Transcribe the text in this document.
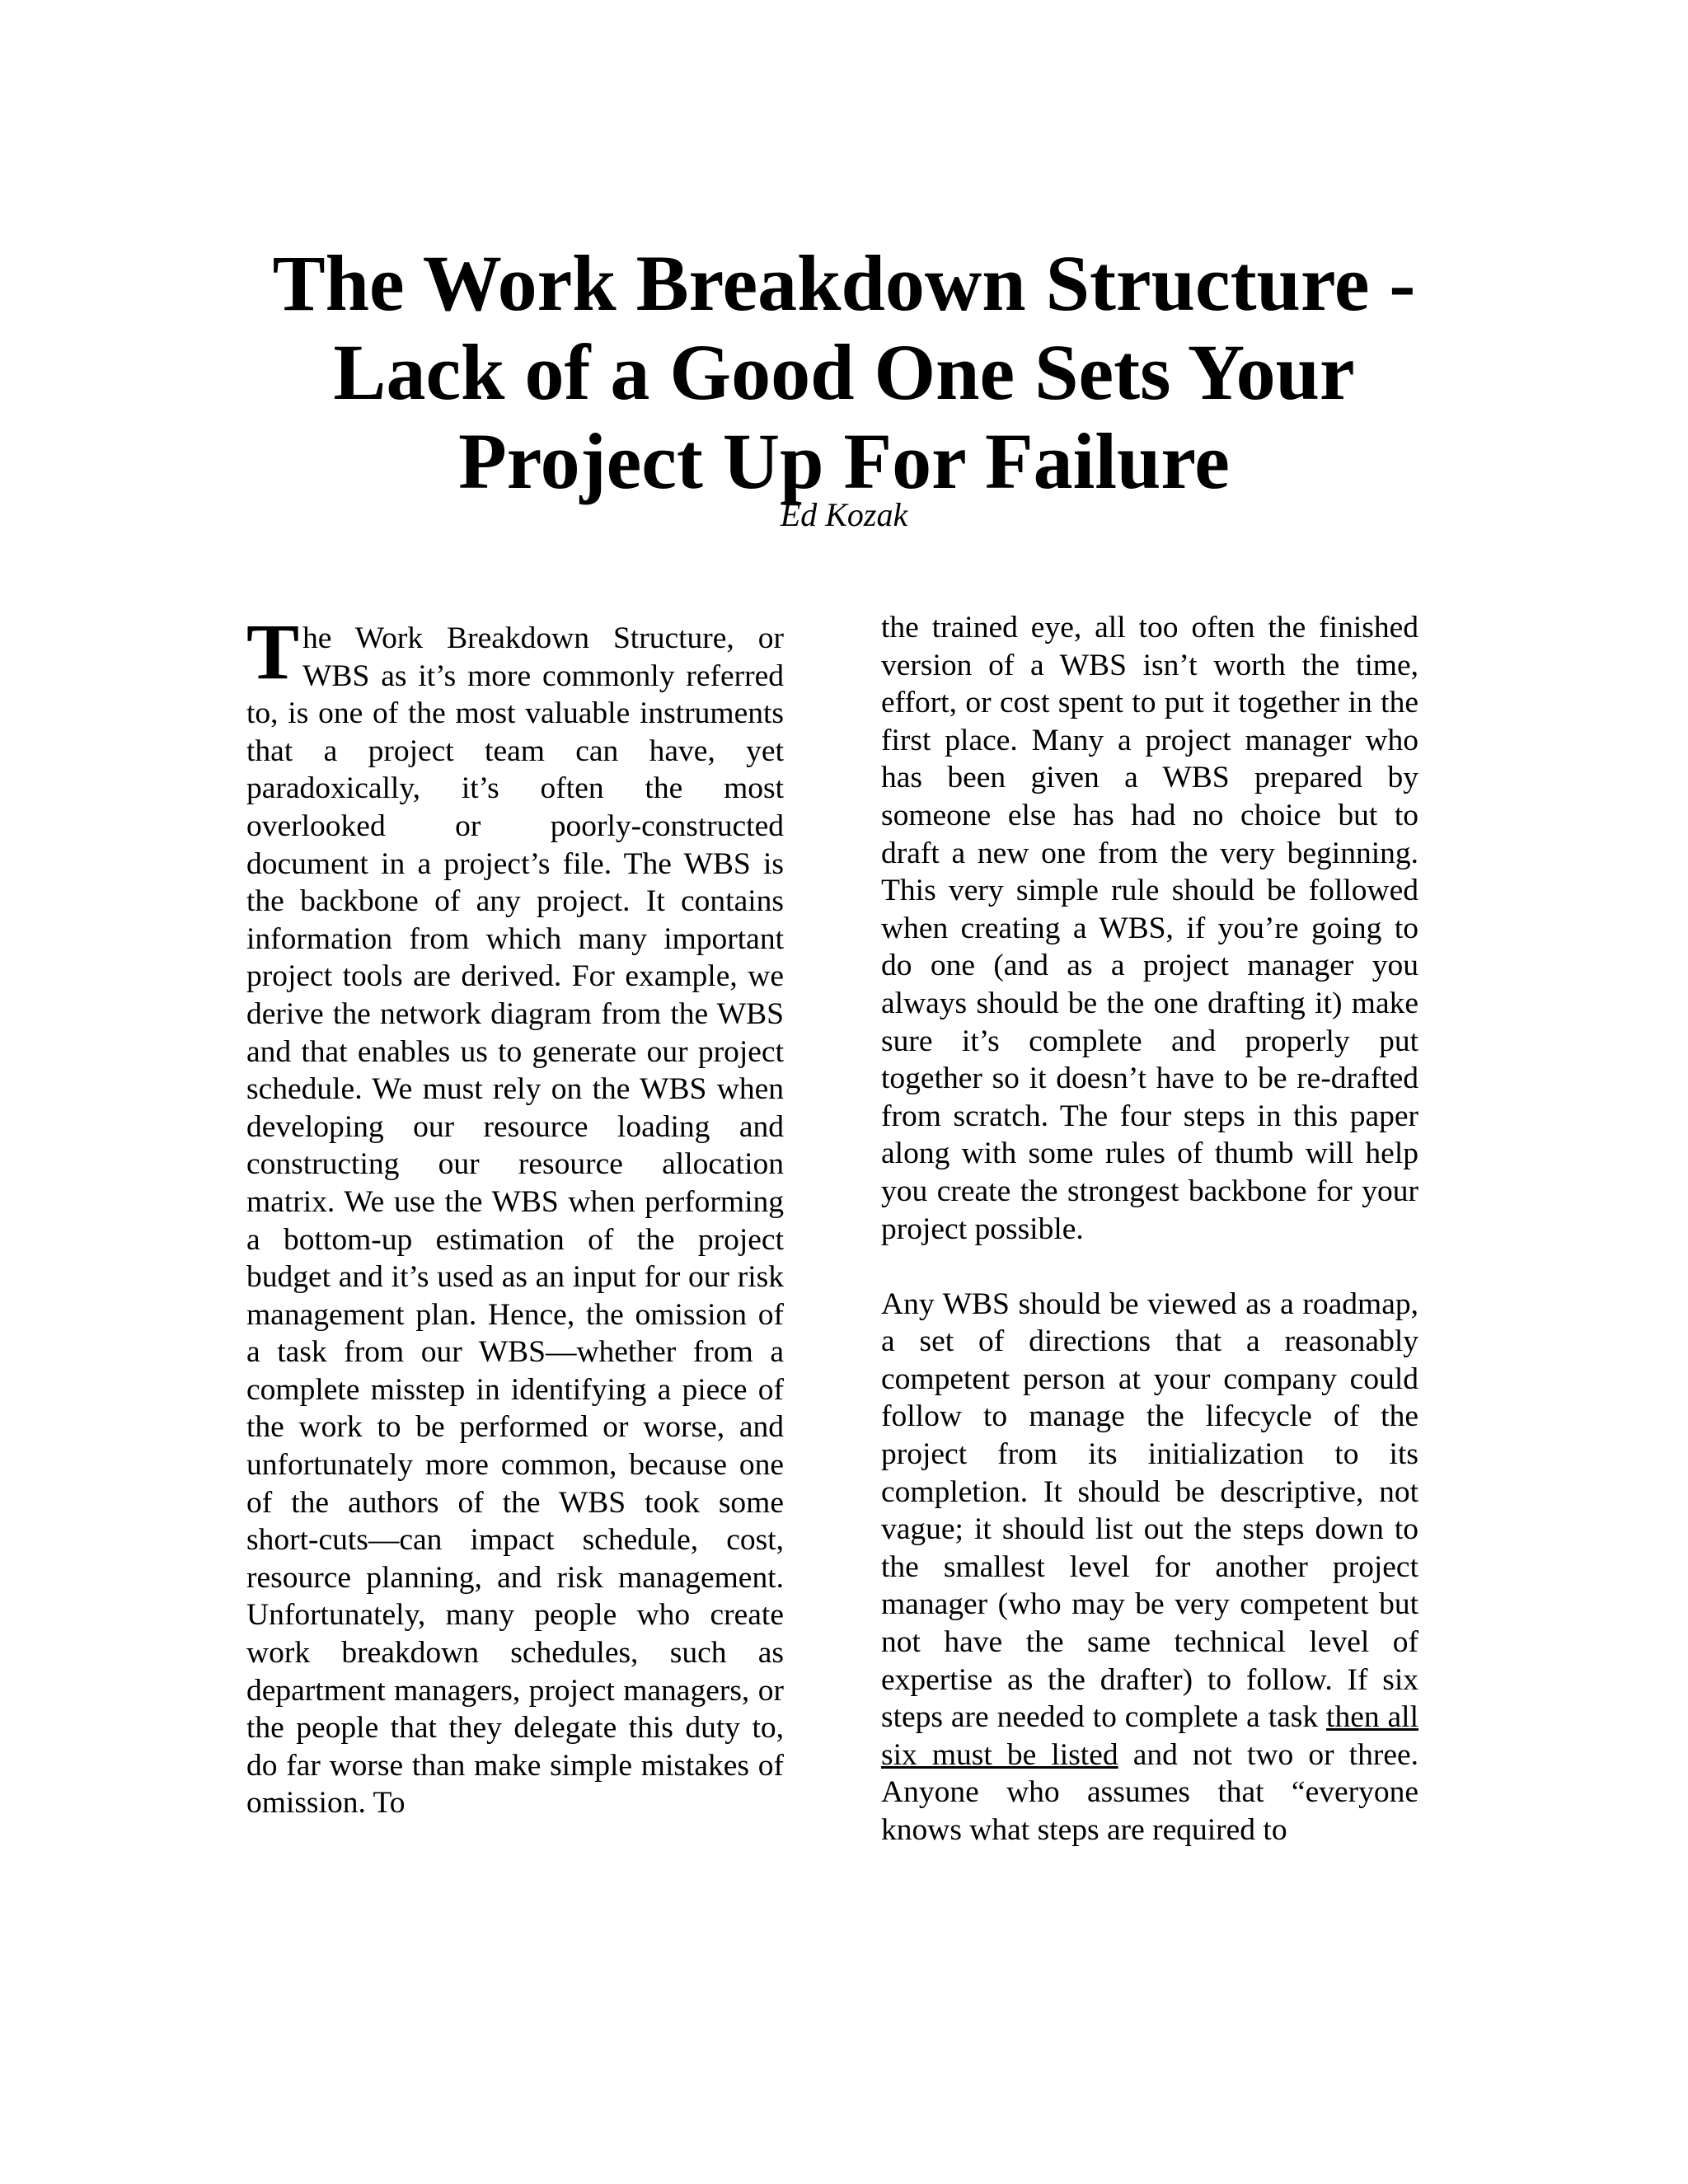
The Work Breakdown Structure -
Lack of a Good One Sets Your
Project Up For Failure
Ed Kozak

The Work Breakdown Structure, or WBS as it’s more commonly referred to, is one of the most valuable instruments that a project team can have, yet paradoxically, it’s often the most overlooked or poorly-constructed document in a project’s file. The WBS is the backbone of any project. It contains information from which many important project tools are derived. For example, we derive the network diagram from the WBS and that enables us to generate our project schedule. We must rely on the WBS when developing our resource loading and constructing our resource allocation matrix. We use the WBS when performing a bottom-up estimation of the project budget and it’s used as an input for our risk management plan. Hence, the omission of a task from our WBS—whether from a complete misstep in identifying a piece of the work to be performed or worse, and unfortunately more common, because one of the authors of the WBS took some short-cuts—can impact schedule, cost, resource planning, and risk management. Unfortunately, many people who create work breakdown schedules, such as department managers, project managers, or the people that they delegate this duty to, do far worse than make simple mistakes of omission. To

the trained eye, all too often the finished version of a WBS isn’t worth the time, effort, or cost spent to put it together in the first place. Many a project manager who has been given a WBS prepared by someone else has had no choice but to draft a new one from the very beginning. This very simple rule should be followed when creating a WBS, if you’re going to do one (and as a project manager you always should be the one drafting it) make sure it’s complete and properly put together so it doesn’t have to be re-drafted from scratch. The four steps in this paper along with some rules of thumb will help you create the strongest backbone for your project possible.

Any WBS should be viewed as a roadmap, a set of directions that a reasonably competent person at your company could follow to manage the lifecycle of the project from its initialization to its completion. It should be descriptive, not vague; it should list out the steps down to the smallest level for another project manager (who may be very competent but not have the same technical level of expertise as the drafter) to follow. If six steps are needed to complete a task then all six must be listed and not two or three. Anyone who assumes that “everyone knows what steps are required to
